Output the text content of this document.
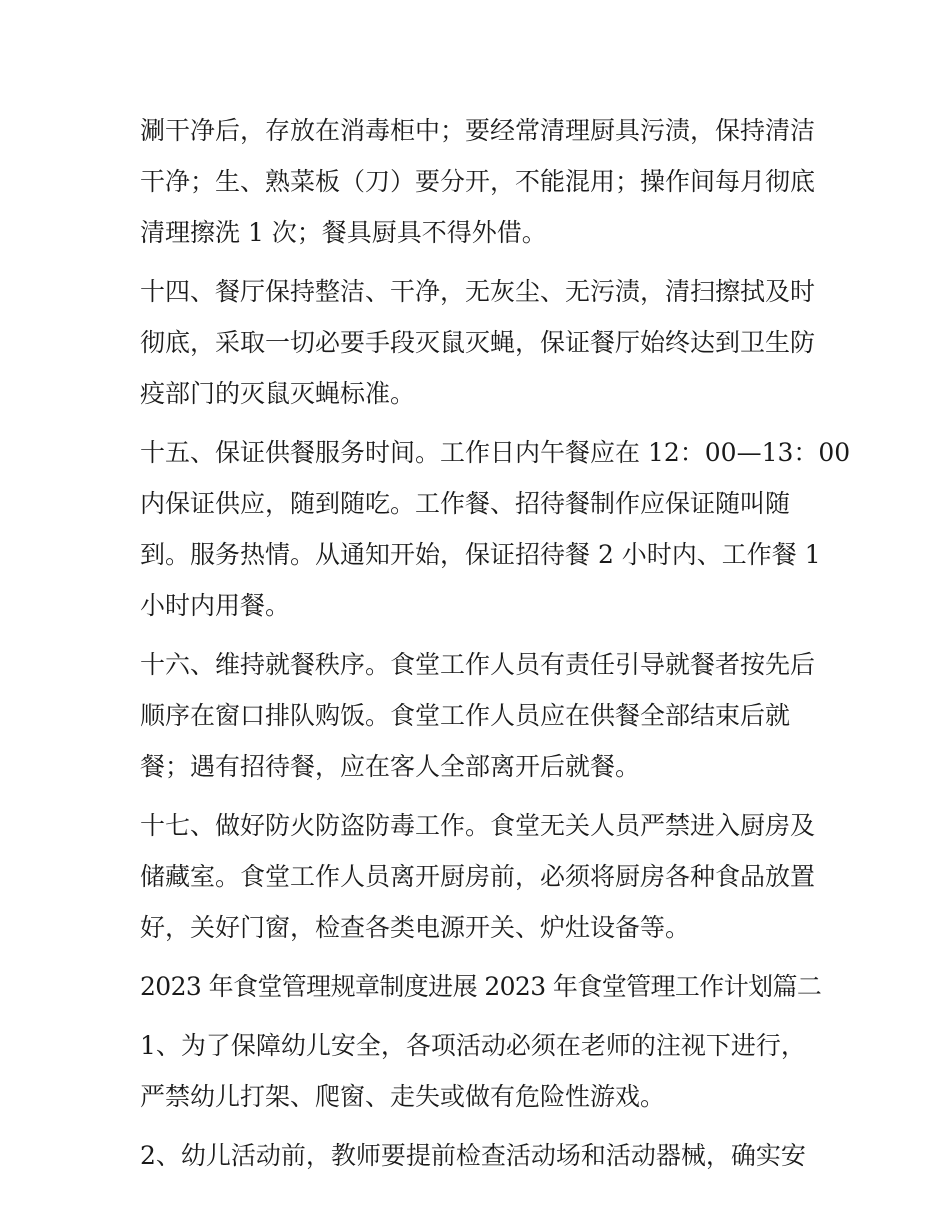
涮干净后，存放在消毒柜中；要经常清理厨具污渍，保持清洁
干净；生、熟菜板（刀）要分开，不能混用；操作间每月彻底
清理擦洗 1 次；餐具厨具不得外借。
十四、餐厅保持整洁、干净，无灰尘、无污渍，清扫擦拭及时
彻底，采取一切必要手段灭鼠灭蝇，保证餐厅始终达到卫生防
疫部门的灭鼠灭蝇标准。
十五、保证供餐服务时间。工作日内午餐应在 12：00—13：00
内保证供应，随到随吃。工作餐、招待餐制作应保证随叫随
到。服务热情。从通知开始，保证招待餐 2 小时内、工作餐 1
小时内用餐。
十六、维持就餐秩序。食堂工作人员有责任引导就餐者按先后
顺序在窗口排队购饭。食堂工作人员应在供餐全部结束后就
餐；遇有招待餐，应在客人全部离开后就餐。
十七、做好防火防盗防毒工作。食堂无关人员严禁进入厨房及
储藏室。食堂工作人员离开厨房前，必须将厨房各种食品放置
好，关好门窗，检查各类电源开关、炉灶设备等。
2023 年食堂管理规章制度进展 2023 年食堂管理工作计划篇二
1、为了保障幼儿安全，各项活动必须在老师的注视下进行，
严禁幼儿打架、爬窗、走失或做有危险性游戏。
2、幼儿活动前，教师要提前检查活动场和活动器械，确实安
